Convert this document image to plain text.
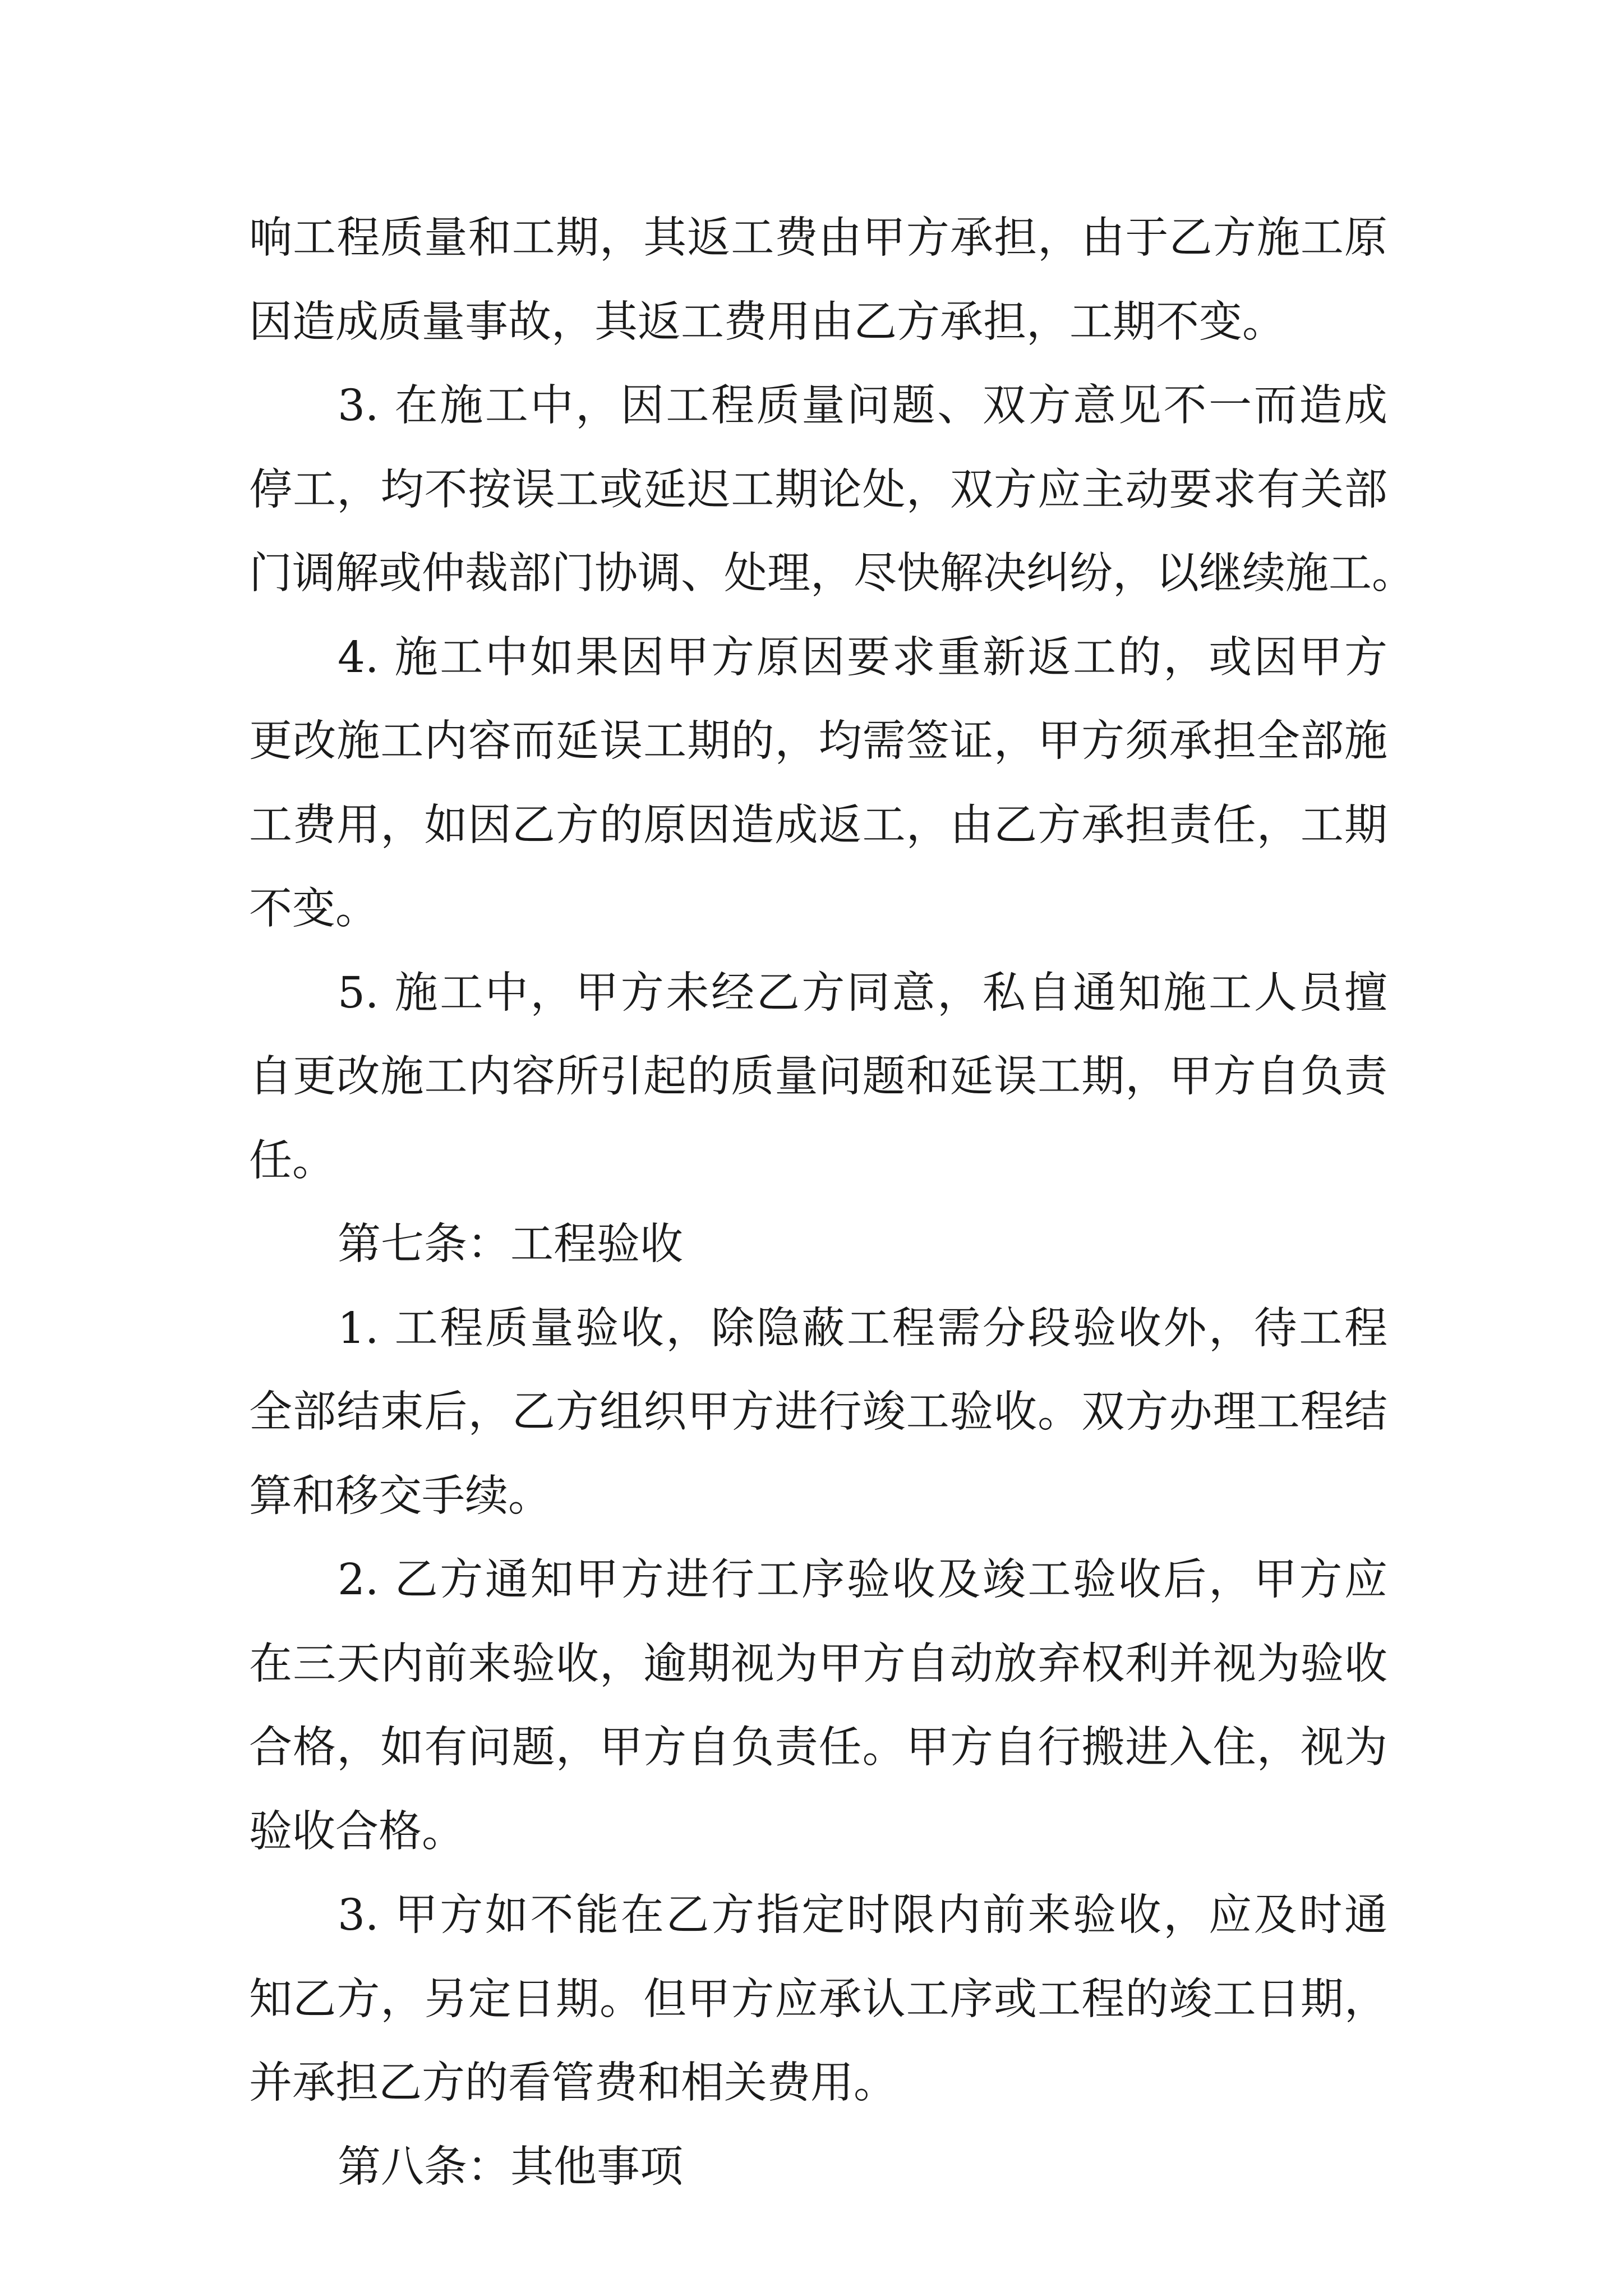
响工程质量和工期，其返工费由甲方承担，由于乙方施工原
因造成质量事故，其返工费用由乙方承担，工期不变。
3. 在施工中，因工程质量问题、双方意见不一而造成
停工，均不按误工或延迟工期论处，双方应主动要求有关部
门调解或仲裁部门协调、处理，尽快解决纠纷，以继续施工。
4. 施工中如果因甲方原因要求重新返工的，或因甲方
更改施工内容而延误工期的，均需签证，甲方须承担全部施
工费用，如因乙方的原因造成返工，由乙方承担责任，工期
不变。
5. 施工中，甲方未经乙方同意，私自通知施工人员擅
自更改施工内容所引起的质量问题和延误工期，甲方自负责
任。
第七条：工程验收
1. 工程质量验收，除隐蔽工程需分段验收外，待工程
全部结束后，乙方组织甲方进行竣工验收。双方办理工程结
算和移交手续。
2. 乙方通知甲方进行工序验收及竣工验收后，甲方应
在三天内前来验收，逾期视为甲方自动放弃权利并视为验收
合格，如有问题，甲方自负责任。甲方自行搬进入住，视为
验收合格。
3. 甲方如不能在乙方指定时限内前来验收，应及时通
知乙方，另定日期。但甲方应承认工序或工程的竣工日期，
并承担乙方的看管费和相关费用。
第八条：其他事项
